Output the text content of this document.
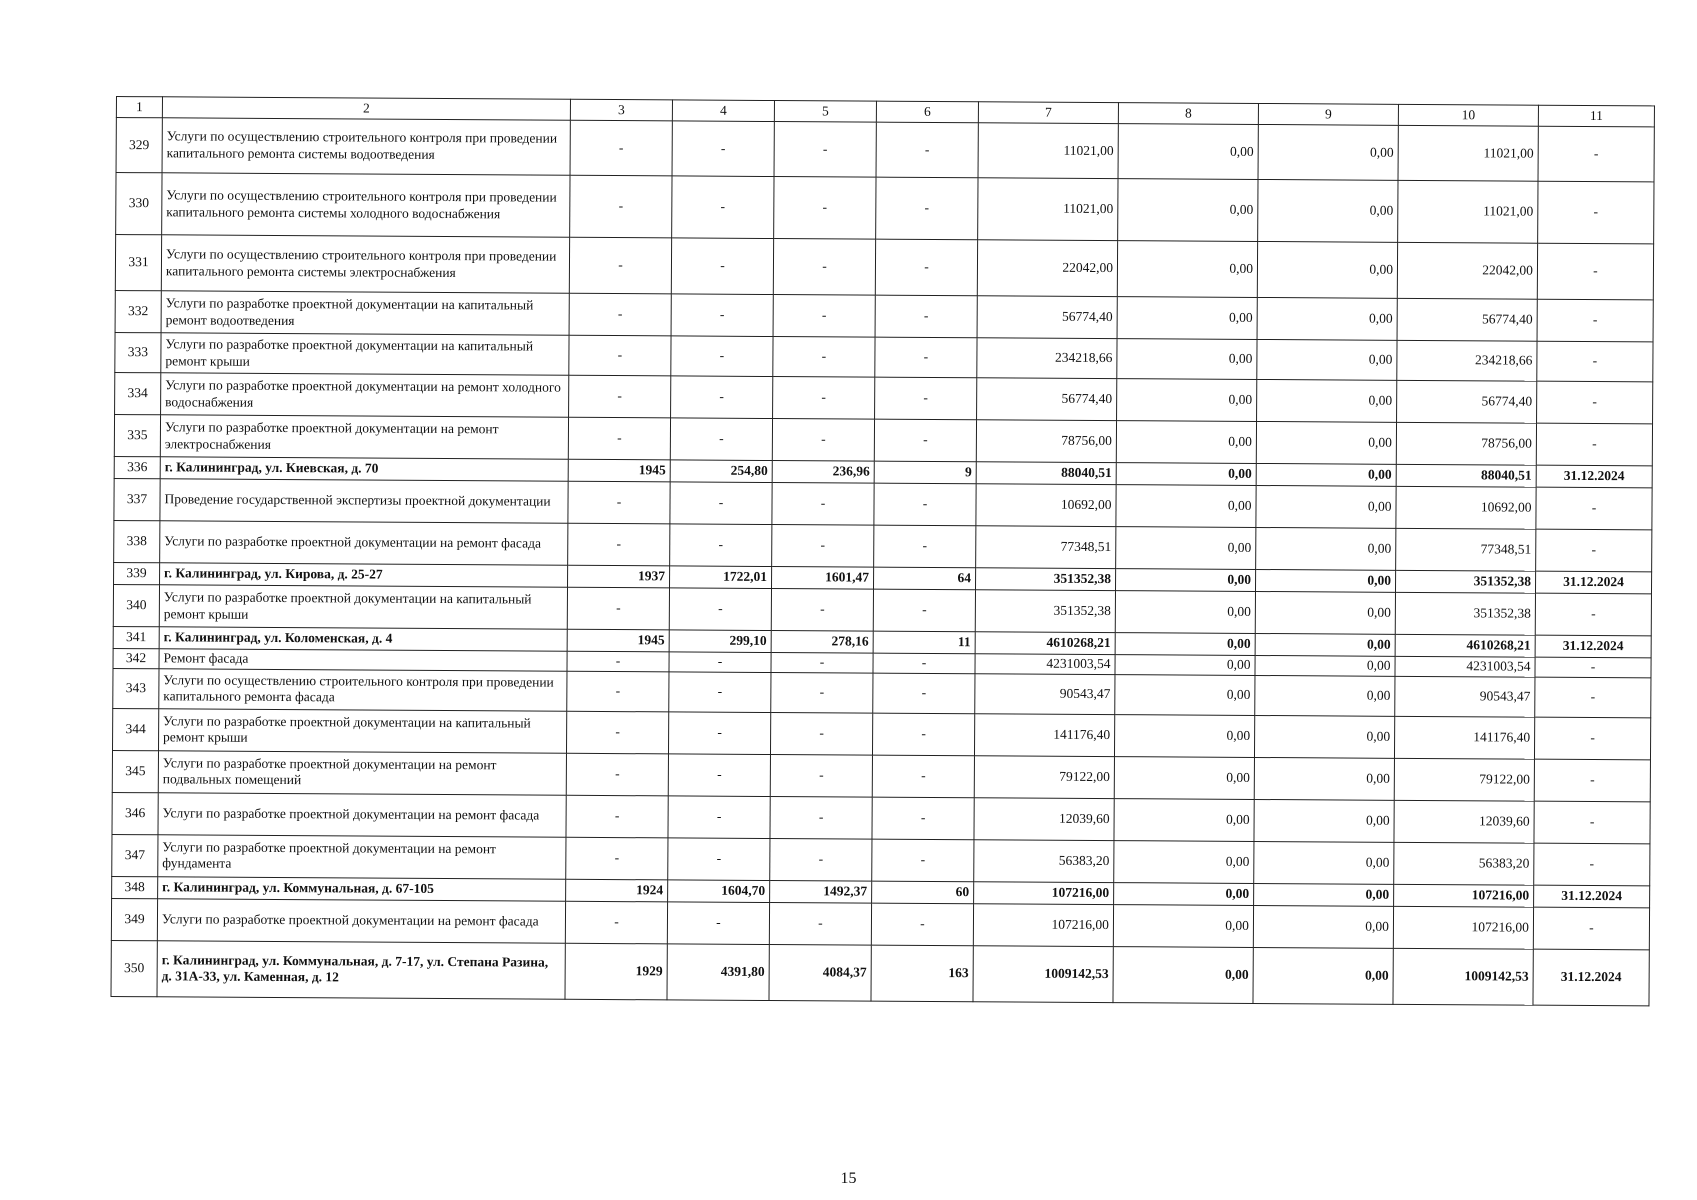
1	2	3	4	5	6	7	8	9	10	11
329	Услуги по осуществлению строительного контроля при проведении капитального ремонта системы водоотведения	-	-	-	-	11021,00	0,00	0,00	11021,00	-
330	Услуги по осуществлению строительного контроля при проведении капитального ремонта системы холодного водоснабжения	-	-	-	-	11021,00	0,00	0,00	11021,00	-
331	Услуги по осуществлению строительного контроля при проведении капитального ремонта системы электроснабжения	-	-	-	-	22042,00	0,00	0,00	22042,00	-
332	Услуги по разработке проектной документации на капитальный ремонт водоотведения	-	-	-	-	56774,40	0,00	0,00	56774,40	-
333	Услуги по разработке проектной документации на капитальный ремонт крыши	-	-	-	-	234218,66	0,00	0,00	234218,66	-
334	Услуги по разработке проектной документации на ремонт холодного водоснабжения	-	-	-	-	56774,40	0,00	0,00	56774,40	-
335	Услуги по разработке проектной документации на ремонт электроснабжения	-	-	-	-	78756,00	0,00	0,00	78756,00	-
336	г. Калининград, ул. Киевская, д. 70	1945	254,80	236,96	9	88040,51	0,00	0,00	88040,51	31.12.2024
337	Проведение государственной экспертизы проектной документации	-	-	-	-	10692,00	0,00	0,00	10692,00	-
338	Услуги по разработке проектной документации на ремонт фасада	-	-	-	-	77348,51	0,00	0,00	77348,51	-
339	г. Калининград, ул. Кирова, д. 25-27	1937	1722,01	1601,47	64	351352,38	0,00	0,00	351352,38	31.12.2024
340	Услуги по разработке проектной документации на капитальный ремонт крыши	-	-	-	-	351352,38	0,00	0,00	351352,38	-
341	г. Калининград, ул. Коломенская, д. 4	1945	299,10	278,16	11	4610268,21	0,00	0,00	4610268,21	31.12.2024
342	Ремонт фасада	-	-	-	-	4231003,54	0,00	0,00	4231003,54	-
343	Услуги по осуществлению строительного контроля при проведении капитального ремонта фасада	-	-	-	-	90543,47	0,00	0,00	90543,47	-
344	Услуги по разработке проектной документации на капитальный ремонт крыши	-	-	-	-	141176,40	0,00	0,00	141176,40	-
345	Услуги по разработке проектной документации на ремонт подвальных помещений	-	-	-	-	79122,00	0,00	0,00	79122,00	-
346	Услуги по разработке проектной документации на ремонт фасада	-	-	-	-	12039,60	0,00	0,00	12039,60	-
347	Услуги по разработке проектной документации на ремонт фундамента	-	-	-	-	56383,20	0,00	0,00	56383,20	-
348	г. Калининград, ул. Коммунальная, д. 67-105	1924	1604,70	1492,37	60	107216,00	0,00	0,00	107216,00	31.12.2024
349	Услуги по разработке проектной документации на ремонт фасада	-	-	-	-	107216,00	0,00	0,00	107216,00	-
350	г. Калининград, ул. Коммунальная, д. 7-17, ул. Степана Разина, д. 31А-33, ул. Каменная, д. 12	1929	4391,80	4084,37	163	1009142,53	0,00	0,00	1009142,53	31.12.2024
15
